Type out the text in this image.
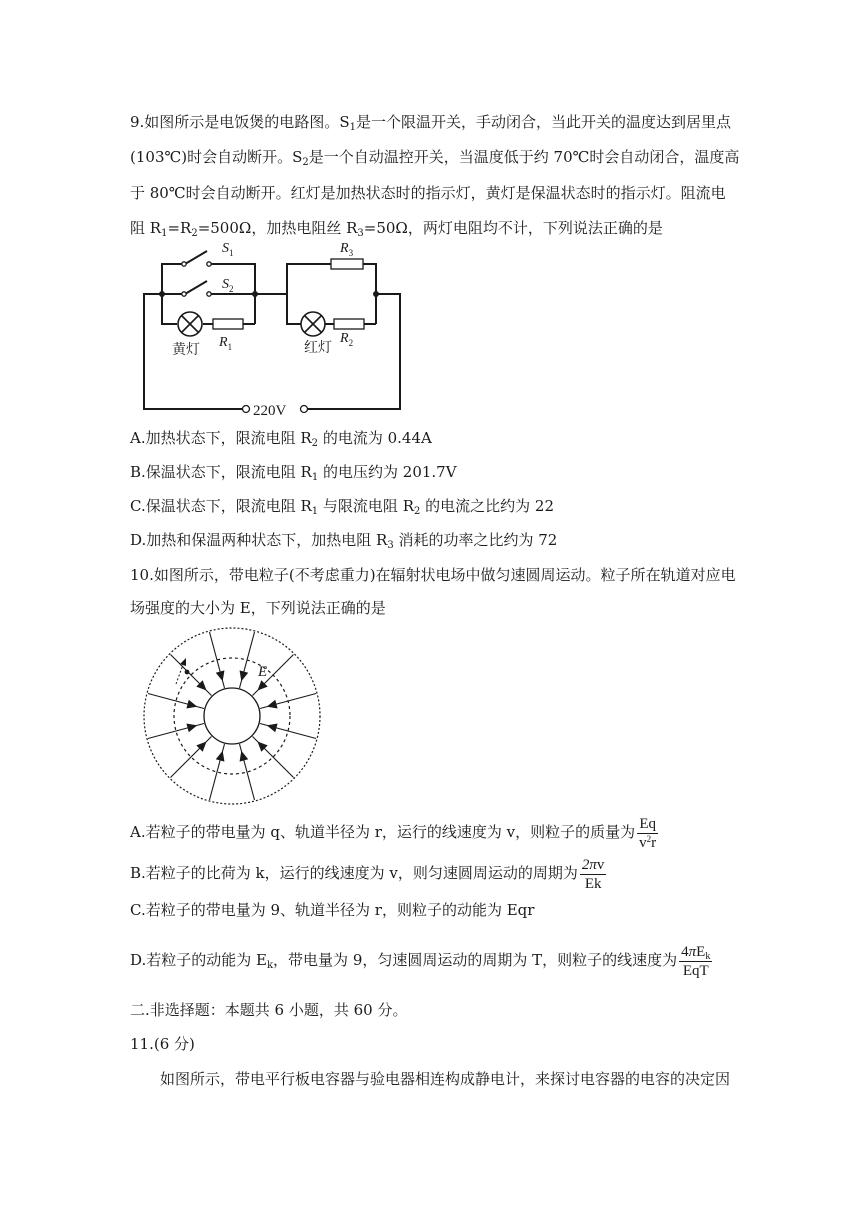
9.如图所示是电饭煲的电路图。$S_1$是一个限温开关，手动闭合，当此开关的温度达到居里点
(103℃)时会自动断开。$S_2$是一个自动温控开关，当温度低于约 70℃时会自动闭合，温度高
于 80℃时会自动断开。红灯是加热状态时的指示灯，黄灯是保温状态时的指示灯。阻流电
阻 $R_1=R_2=500\Omega$，加热电阻丝 $R_3=50\Omega$，两灯电阻均不计，下列说法正确的是
$S_1$
$S_2$
$R_3$
$R_1$
$R_2$
黄灯	红灯
220V
A.加热状态下，限流电阻 $R_2$ 的电流为 0.44A
B.保温状态下，限流电阻 $R_1$ 的电压约为 201.7V
C.保温状态下，限流电阻 $R_1$ 与限流电阻 $R_2$ 的电流之比约为 22
D.加热和保温两种状态下，加热电阻 $R_3$ 消耗的功率之比约为 72
10.如图所示，带电粒子(不考虑重力)在辐射状电场中做匀速圆周运动。粒子所在轨道对应电
场强度的大小为 E，下列说法正确的是
E
A.若粒子的带电量为 q、轨道半径为 r，运行的线速度为 v，则粒子的质量为 $\frac{Eq}{v^2r}$
B.若粒子的比荷为 k，运行的线速度为 v，则匀速圆周运动的周期为 $\frac{2\pi v}{Ek}$
C.若粒子的带电量为 9、轨道半径为 r，则粒子的动能为 Eqr
D.若粒子的动能为 $E_k$，带电量为 9，匀速圆周运动的周期为 T，则粒子的线速度为 $\frac{4\pi E_k}{\text{EqT}}$
二.非选择题：本题共 6 小题，共 60 分。
11.(6 分)
如图所示，带电平行板电容器与验电器相连构成静电计，来探讨电容器的电容的决定因
